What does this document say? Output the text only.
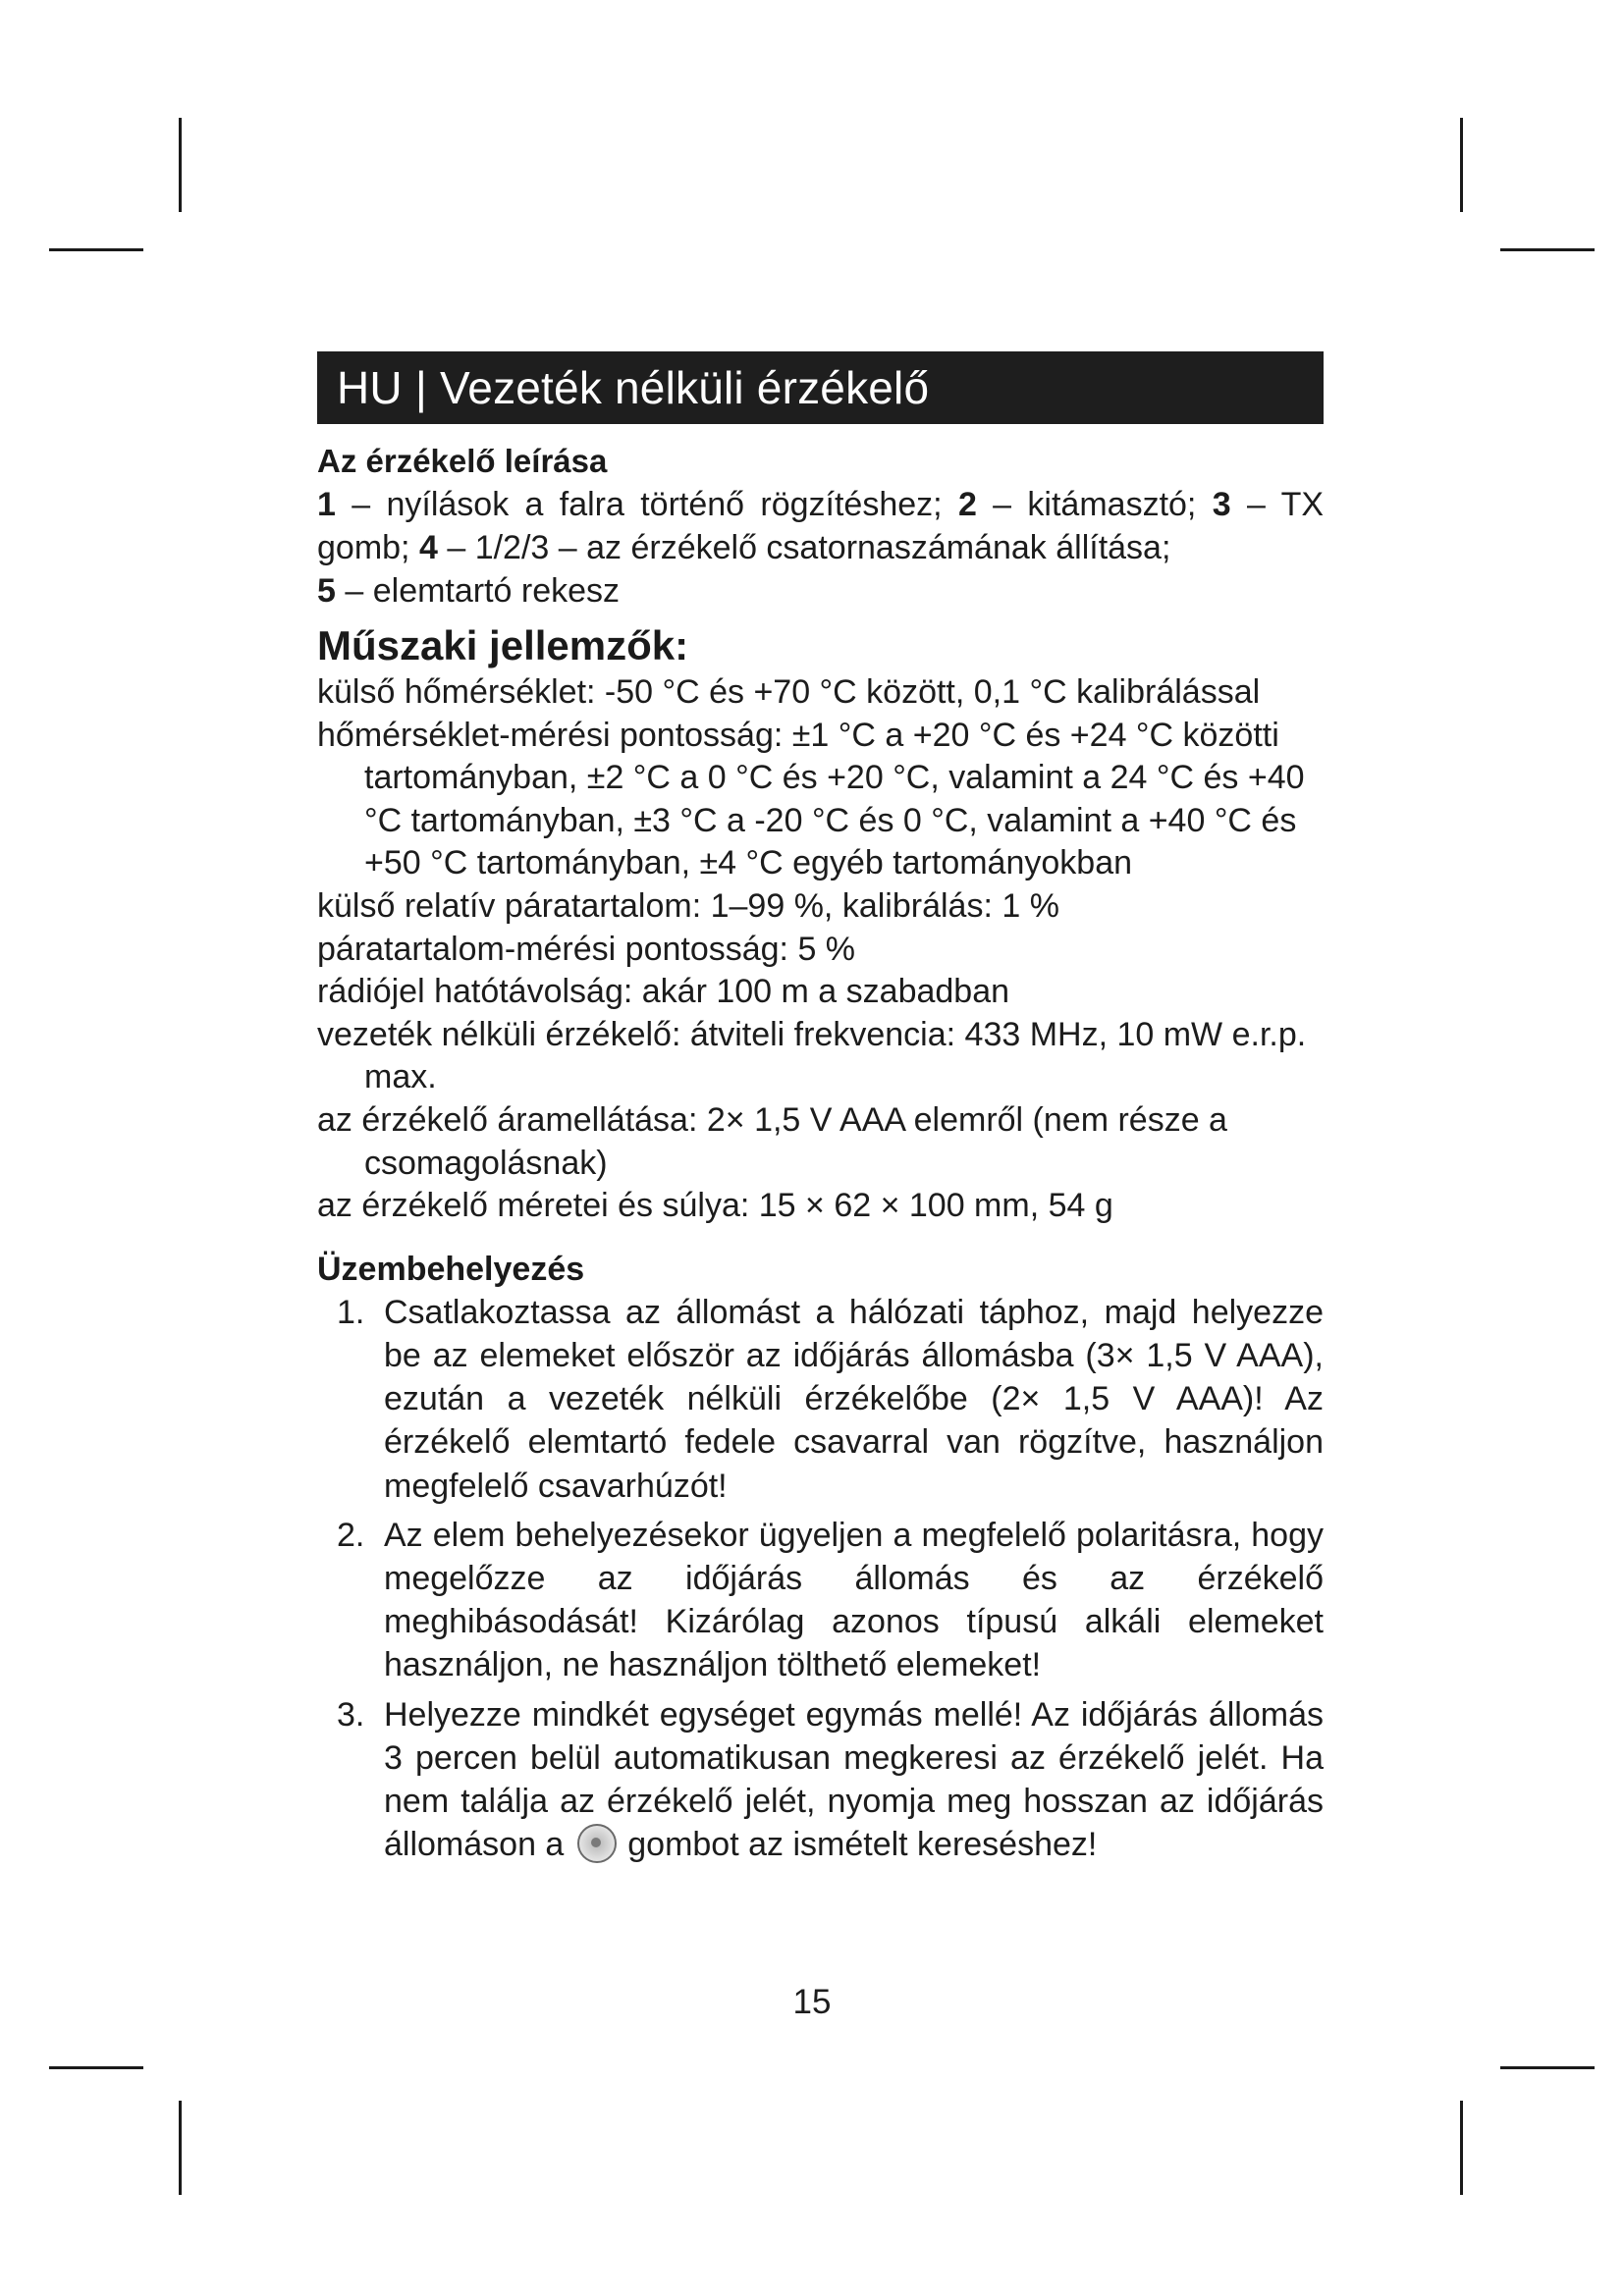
HU | Vezeték nélküli érzékelő
Az érzékelő leírása
1 – nyílások a falra történő rögzítéshez; 2 – kitámasztó; 3 – TX gomb; 4 – 1/2/3 – az érzékelő csatornaszámának állítása;
5 – elemtartó rekesz
Műszaki jellemzők:
külső hőmérséklet: -50 °C és +70 °C között, 0,1 °C kalibrálással
hőmérséklet-mérési pontosság: ±1 °C a +20 °C és +24 °C közötti tartományban, ±2 °C a 0 °C és +20 °C, valamint a 24 °C és +40 °C tartományban, ±3 °C a -20 °C és 0 °C, valamint a +40 °C és +50 °C tartományban, ±4 °C egyéb tartományokban
külső relatív páratartalom: 1–99 %, kalibrálás: 1 %
páratartalom-mérési pontosság: 5 %
rádiójel hatótávolság: akár 100 m a szabadban
vezeték nélküli érzékelő: átviteli frekvencia: 433 MHz, 10 mW e.r.p. max.
az érzékelő áramellátása: 2× 1,5 V AAA elemről (nem része a csomagolásnak)
az érzékelő méretei és súlya: 15 × 62 × 100 mm, 54 g
Üzembehelyezés
1. Csatlakoztassa az állomást a hálózati táphoz, majd helyezze be az elemeket először az időjárás állomásba (3× 1,5 V AAA), ezután a vezeték nélküli érzékelőbe (2× 1,5 V AAA)! Az érzékelő elemtartó fedele csavarral van rögzítve, használjon megfelelő csavarhúzót!
2. Az elem behelyezésekor ügyeljen a megfelelő polaritásra, hogy megelőzze az időjárás állomás és az érzékelő meghibásodását! Kizárólag azonos típusú alkáli elemeket használjon, ne használjon tölthető elemeket!
3. Helyezze mindkét egységet egymás mellé! Az időjárás állomás 3 percen belül automatikusan megkeresi az érzékelő jelét. Ha nem találja az érzékelő jelét, nyomja meg hosszan az időjárás állomáson a gombot az ismételt kereséshez!
15
